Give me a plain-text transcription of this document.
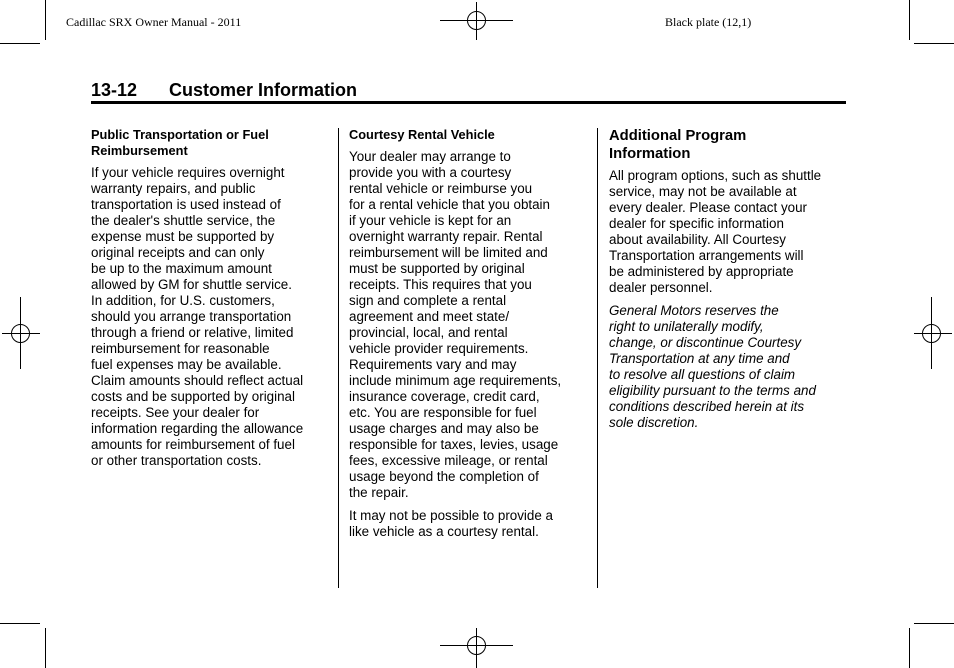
Cadillac SRX Owner Manual - 2011	Black plate (12,1)
13-12 Customer Information
Public Transportation or Fuel
Reimbursement

If your vehicle requires overnight
warranty repairs, and public
transportation is used instead of
the dealer's shuttle service, the
expense must be supported by
original receipts and can only
be up to the maximum amount
allowed by GM for shuttle service.
In addition, for U.S. customers,
should you arrange transportation
through a friend or relative, limited
reimbursement for reasonable
fuel expenses may be available.
Claim amounts should reflect actual
costs and be supported by original
receipts. See your dealer for
information regarding the allowance
amounts for reimbursement of fuel
or other transportation costs.

Courtesy Rental Vehicle

Your dealer may arrange to
provide you with a courtesy
rental vehicle or reimburse you
for a rental vehicle that you obtain
if your vehicle is kept for an
overnight warranty repair. Rental
reimbursement will be limited and
must be supported by original
receipts. This requires that you
sign and complete a rental
agreement and meet state/
provincial, local, and rental
vehicle provider requirements.
Requirements vary and may
include minimum age requirements,
insurance coverage, credit card,
etc. You are responsible for fuel
usage charges and may also be
responsible for taxes, levies, usage
fees, excessive mileage, or rental
usage beyond the completion of
the repair.

It may not be possible to provide a
like vehicle as a courtesy rental.

Additional Program
Information

All program options, such as shuttle
service, may not be available at
every dealer. Please contact your
dealer for specific information
about availability. All Courtesy
Transportation arrangements will
be administered by appropriate
dealer personnel.

General Motors reserves the
right to unilaterally modify,
change, or discontinue Courtesy
Transportation at any time and
to resolve all questions of claim
eligibility pursuant to the terms and
conditions described herein at its
sole discretion.
